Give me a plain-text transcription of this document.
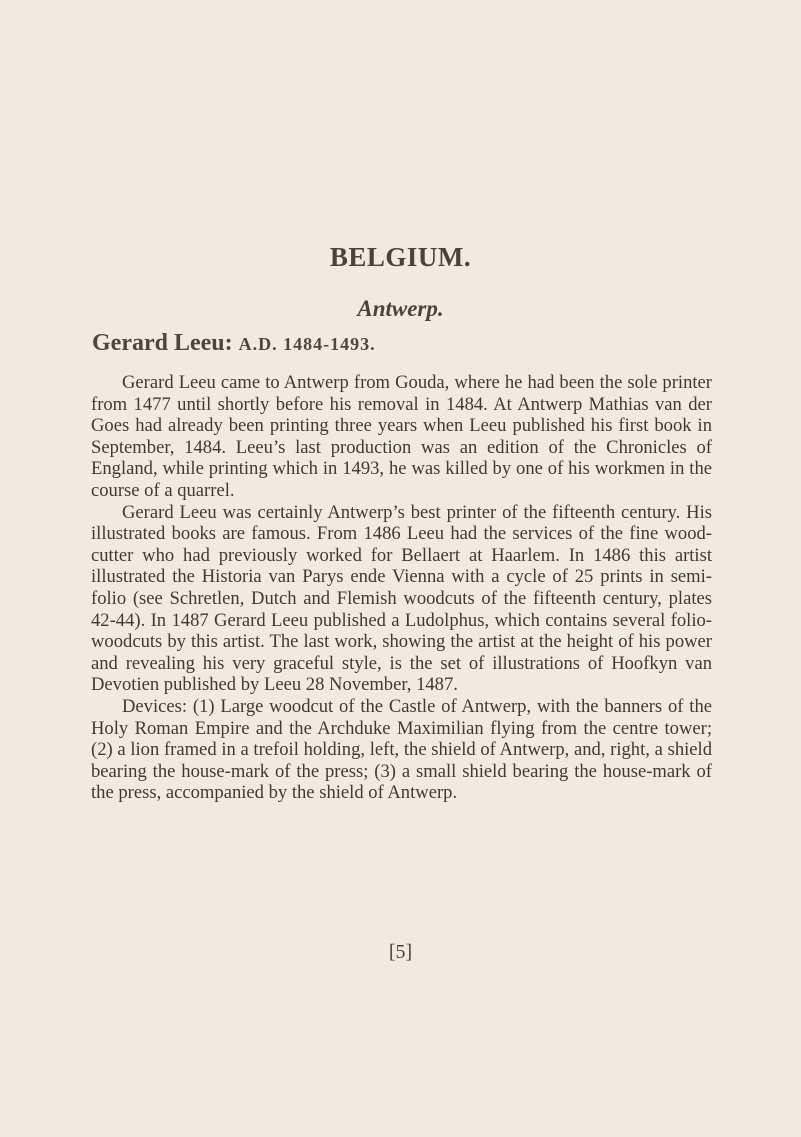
BELGIUM.
Antwerp.
Gerard Leeu: A.D. 1484-1493.

Gerard Leeu came to Antwerp from Gouda, where he had been the sole printer from 1477 until shortly before his removal in 1484. At Antwerp Mathias van der Goes had already been printing three years when Leeu published his first book in September, 1484. Leeu’s last production was an edition of the Chronicles of England, while printing which in 1493, he was killed by one of his workmen in the course of a quarrel.

Gerard Leeu was certainly Antwerp’s best printer of the fifteenth century. His illustrated books are famous. From 1486 Leeu had the services of the fine wood-cutter who had previously worked for Bellaert at Haarlem. In 1486 this artist illustrated the Historia van Parys ende Vienna with a cycle of 25 prints in semi-folio (see Schretlen, Dutch and Flemish woodcuts of the fifteenth century, plates 42-44). In 1487 Gerard Leeu published a Ludolphus, which contains several folio-woodcuts by this artist. The last work, showing the artist at the height of his power and revealing his very graceful style, is the set of illustrations of Hoofkyn van Devotien published by Leeu 28 November, 1487.

Devices: (1) Large woodcut of the Castle of Antwerp, with the banners of the Holy Roman Empire and the Archduke Maximilian flying from the centre tower; (2) a lion framed in a trefoil holding, left, the shield of Antwerp, and, right, a shield bearing the house-mark of the press; (3) a small shield bearing the house-mark of the press, accompanied by the shield of Antwerp.

[5]
